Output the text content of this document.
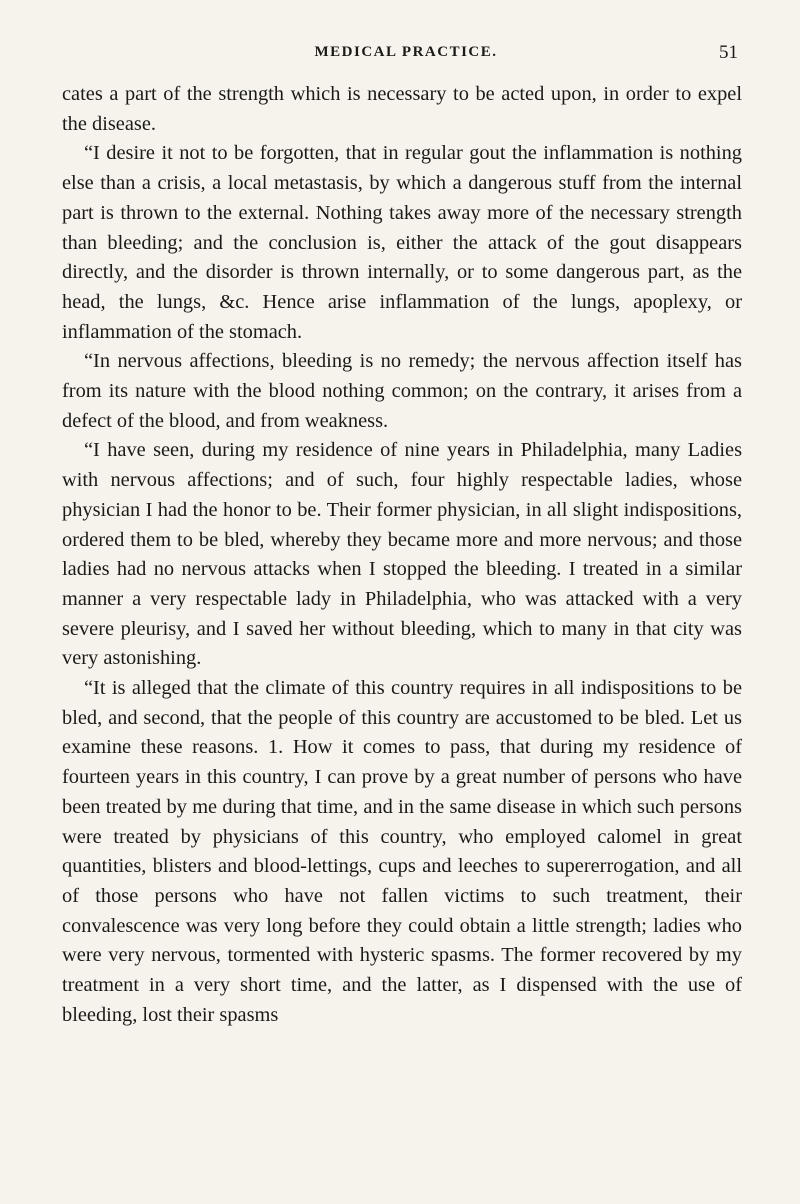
MEDICAL PRACTICE.	51

cates a part of the strength which is necessary to be acted upon, in order to expel the disease.

“I desire it not to be forgotten, that in regular gout the inflammation is nothing else than a crisis, a local metastasis, by which a dangerous stuff from the internal part is thrown to the external. Nothing takes away more of the necessary strength than bleeding; and the conclusion is, either the attack of the gout disappears directly, and the disorder is thrown internally, or to some dangerous part, as the head, the lungs, &c. Hence arise inflammation of the lungs, apoplexy, or inflammation of the stomach.

“In nervous affections, bleeding is no remedy; the nervous affection itself has from its nature with the blood nothing common; on the contrary, it arises from a defect of the blood, and from weakness.

“I have seen, during my residence of nine years in Philadelphia, many Ladies with nervous affections; and of such, four highly respectable ladies, whose physician I had the honor to be. Their former physician, in all slight indispositions, ordered them to be bled, whereby they became more and more nervous; and those ladies had no nervous attacks when I stopped the bleeding. I treated in a similar manner a very respectable lady in Philadelphia, who was attacked with a very severe pleurisy, and I saved her without bleeding, which to many in that city was very astonishing.

“It is alleged that the climate of this country requires in all indispositions to be bled, and second, that the people of this country are accustomed to be bled. Let us examine these reasons. 1. How it comes to pass, that during my residence of fourteen years in this country, I can prove by a great number of persons who have been treated by me during that time, and in the same disease in which such persons were treated by physicians of this country, who employed calomel in great quantities, blisters and blood-lettings, cups and leeches to supererrogation, and all of those persons who have not fallen victims to such treatment, their convalescence was very long before they could obtain a little strength; ladies who were very nervous, tormented with hysteric spasms. The former recovered by my treatment in a very short time, and the latter, as I dispensed with the use of bleeding, lost their spasms
